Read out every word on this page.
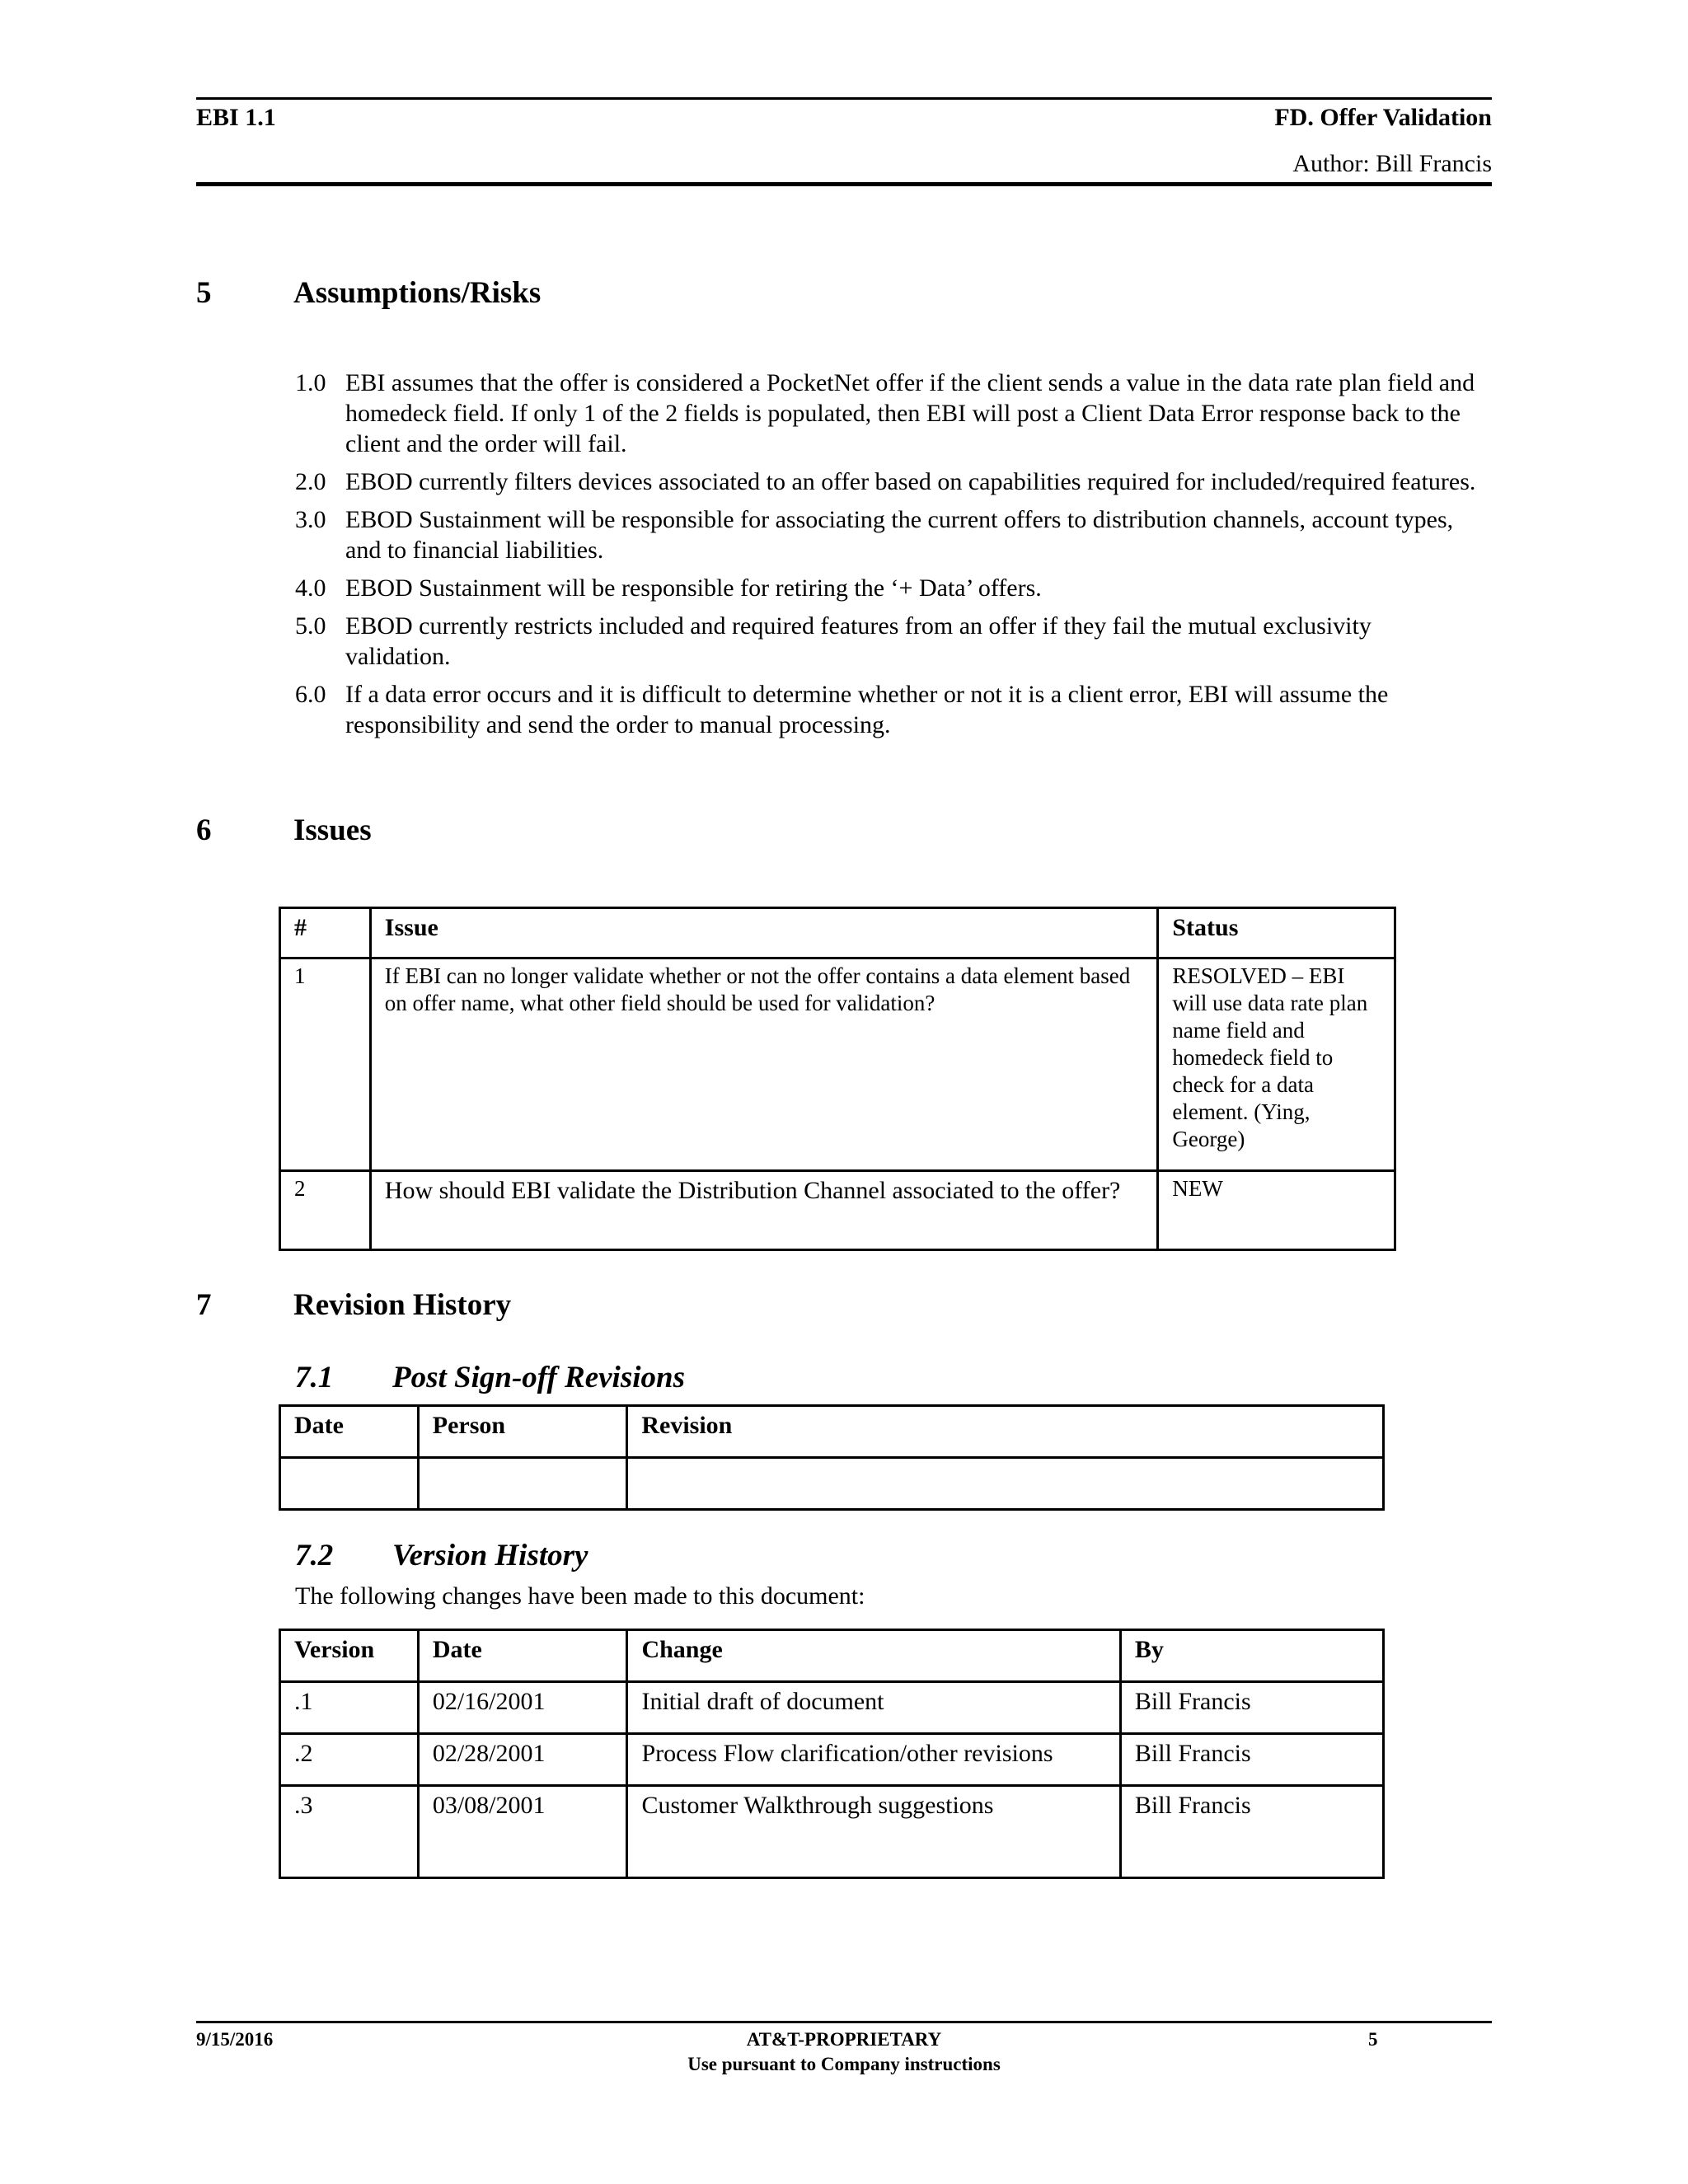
EBI 1.1	FD. Offer Validation
Author: Bill Francis
5	Assumptions/Risks
1.0 EBI assumes that the offer is considered a PocketNet offer if the client sends a value in the data rate plan field and homedeck field. If only 1 of the 2 fields is populated, then EBI will post a Client Data Error response back to the client and the order will fail.
2.0 EBOD currently filters devices associated to an offer based on capabilities required for included/required features.
3.0 EBOD Sustainment will be responsible for associating the current offers to distribution channels, account types, and to financial liabilities.
4.0 EBOD Sustainment will be responsible for retiring the ‘+ Data’ offers.
5.0 EBOD currently restricts included and required features from an offer if they fail the mutual exclusivity validation.
6.0 If a data error occurs and it is difficult to determine whether or not it is a client error, EBI will assume the responsibility and send the order to manual processing.
6	Issues
#	Issue	Status
1	If EBI can no longer validate whether or not the offer contains a data element based on offer name, what other field should be used for validation?	RESOLVED – EBI will use data rate plan name field and homedeck field to check for a data element. (Ying, George)
2	How should EBI validate the Distribution Channel associated to the offer?	NEW
7	Revision History
7.1 Post Sign-off Revisions
Date	Person	Revision

7.2 Version History
The following changes have been made to this document:
Version	Date	Change	By
.1	02/16/2001	Initial draft of document	Bill Francis
.2	02/28/2001	Process Flow clarification/other revisions	Bill Francis
.3	03/08/2001	Customer Walkthrough suggestions	Bill Francis
9/15/2016	AT&T-PROPRIETARY
Use pursuant to Company instructions
5
